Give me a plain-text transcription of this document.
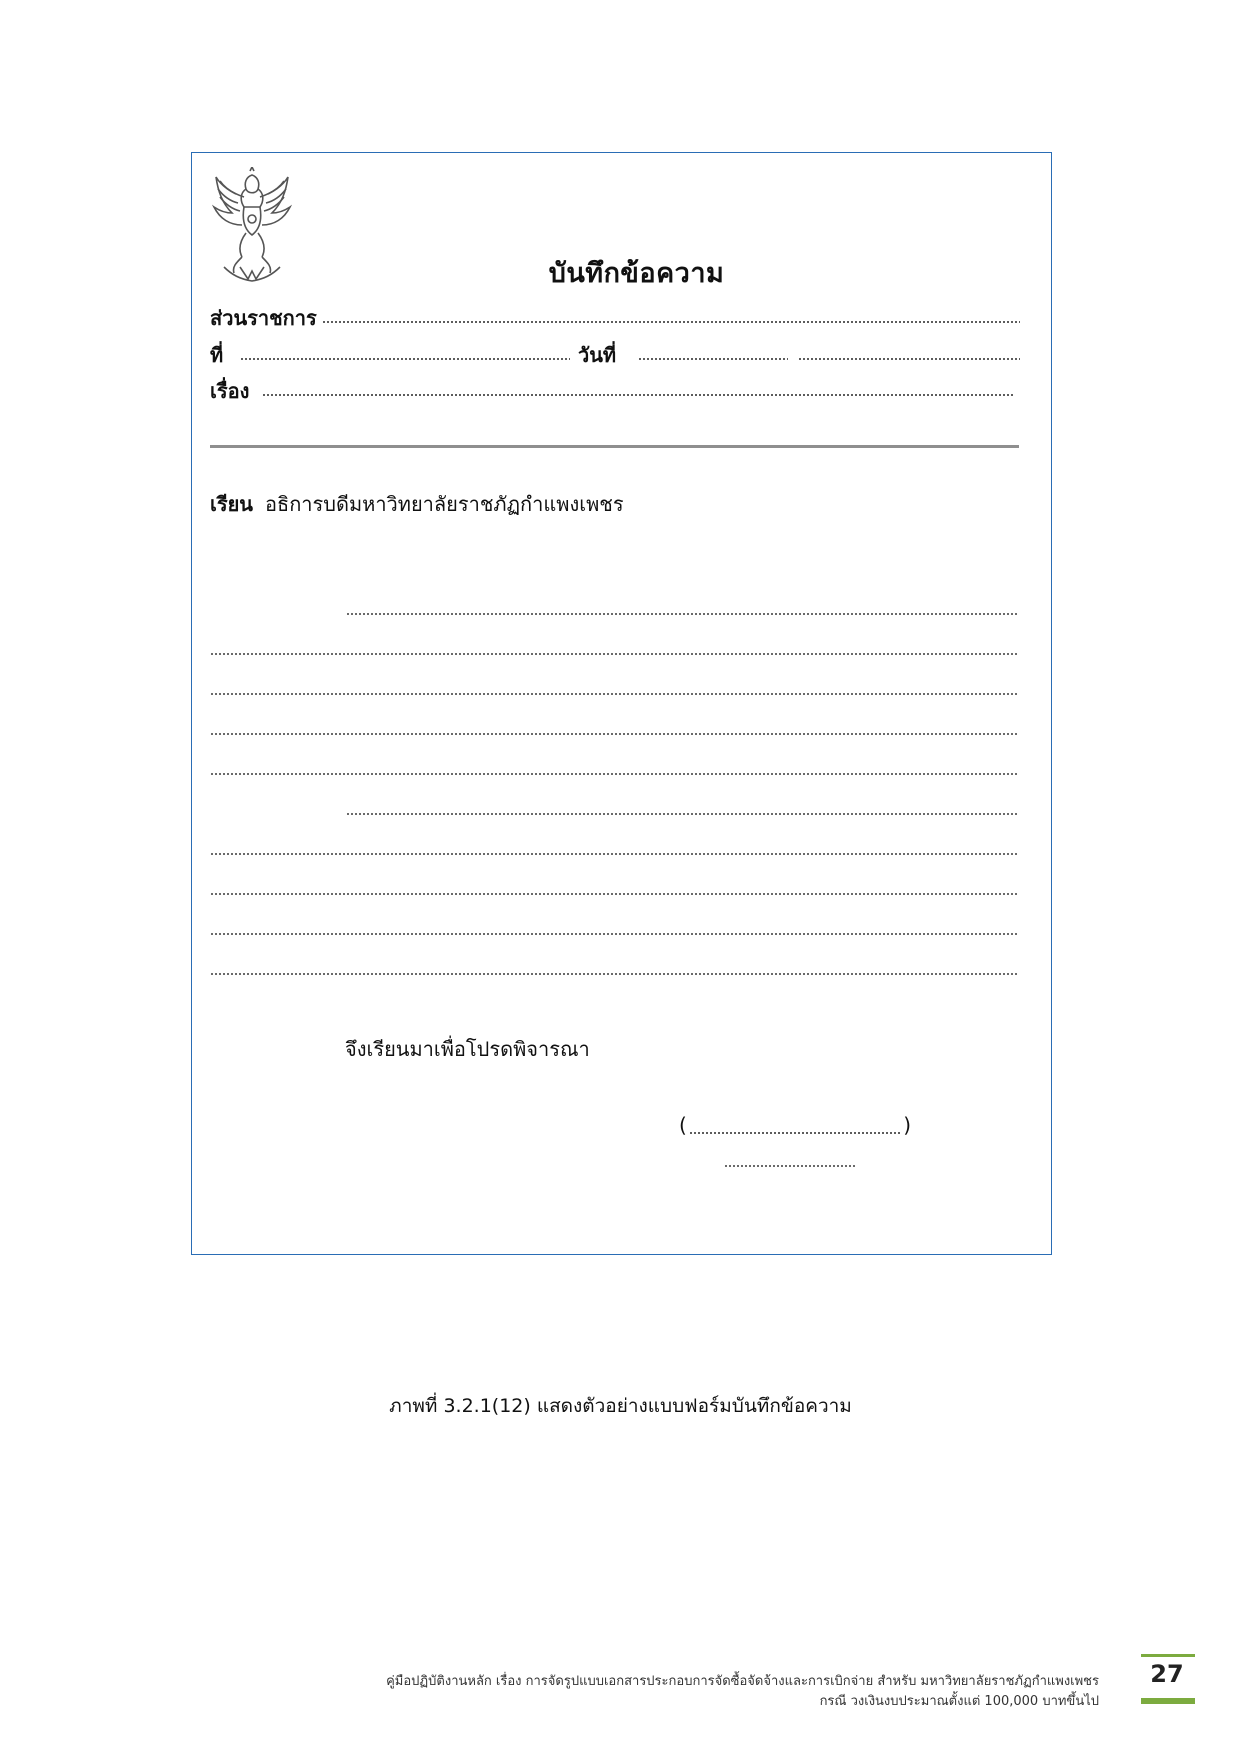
บันทึกข้อความ
ส่วนราชการ
ที่	วันที่
เรื่อง
เรียน อธิการบดีมหาวิทยาลัยราชภัฏกำแพงเพชร
จึงเรียนมาเพื่อโปรดพิจารณา
(	)
ภาพที่ 3.2.1(12) แสดงตัวอย่างแบบฟอร์มบันทึกข้อความ
คู่มือปฏิบัติงานหลัก เรื่อง การจัดรูปแบบเอกสารประกอบการจัดซื้อจัดจ้างและการเบิกจ่าย สำหรับ มหาวิทยาลัยราชภัฏกำแพงเพชร
กรณี วงเงินงบประมาณตั้งแต่ 100,000 บาทขึ้นไป
27
